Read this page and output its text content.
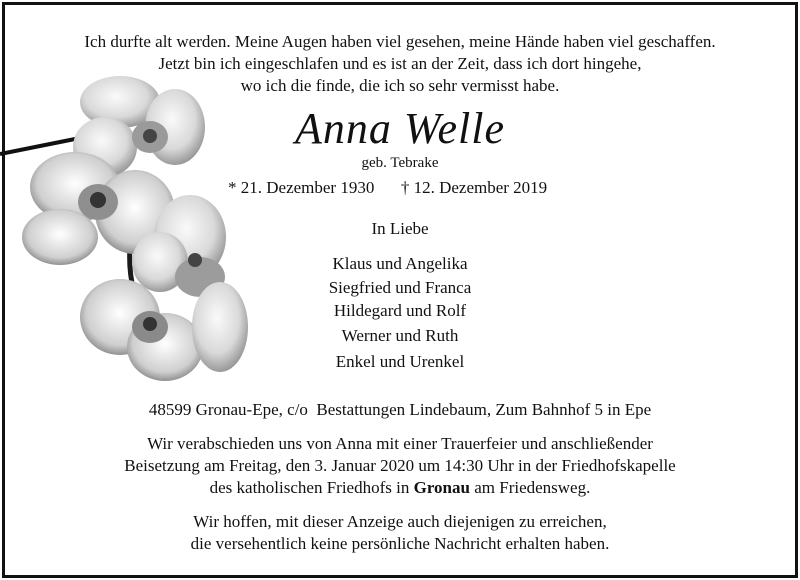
Ich durfte alt werden. Meine Augen haben viel gesehen, meine Hände haben viel geschaffen.
Jetzt bin ich eingeschlafen und es ist an der Zeit, dass ich dort hingehe,
wo ich die finde, die ich so sehr vermisst habe.
Anna Welle
geb. Tebrake
* 21. Dezember 1930 † 12. Dezember 2019
In Liebe
Klaus und Angelika
Siegfried und Franca
Hildegard und Rolf
Werner und Ruth
Enkel und Urenkel
48599 Gronau-Epe, c/o  Bestattungen Lindebaum, Zum Bahnhof 5 in Epe
Wir verabschieden uns von Anna mit einer Trauerfeier und anschließender
Beisetzung am Freitag, den 3. Januar 2020 um 14:30 Uhr in der Friedhofskapelle
des katholischen Friedhofs in Gronau am Friedensweg.
Wir hoffen, mit dieser Anzeige auch diejenigen zu erreichen,
die versehentlich keine persönliche Nachricht erhalten haben.
